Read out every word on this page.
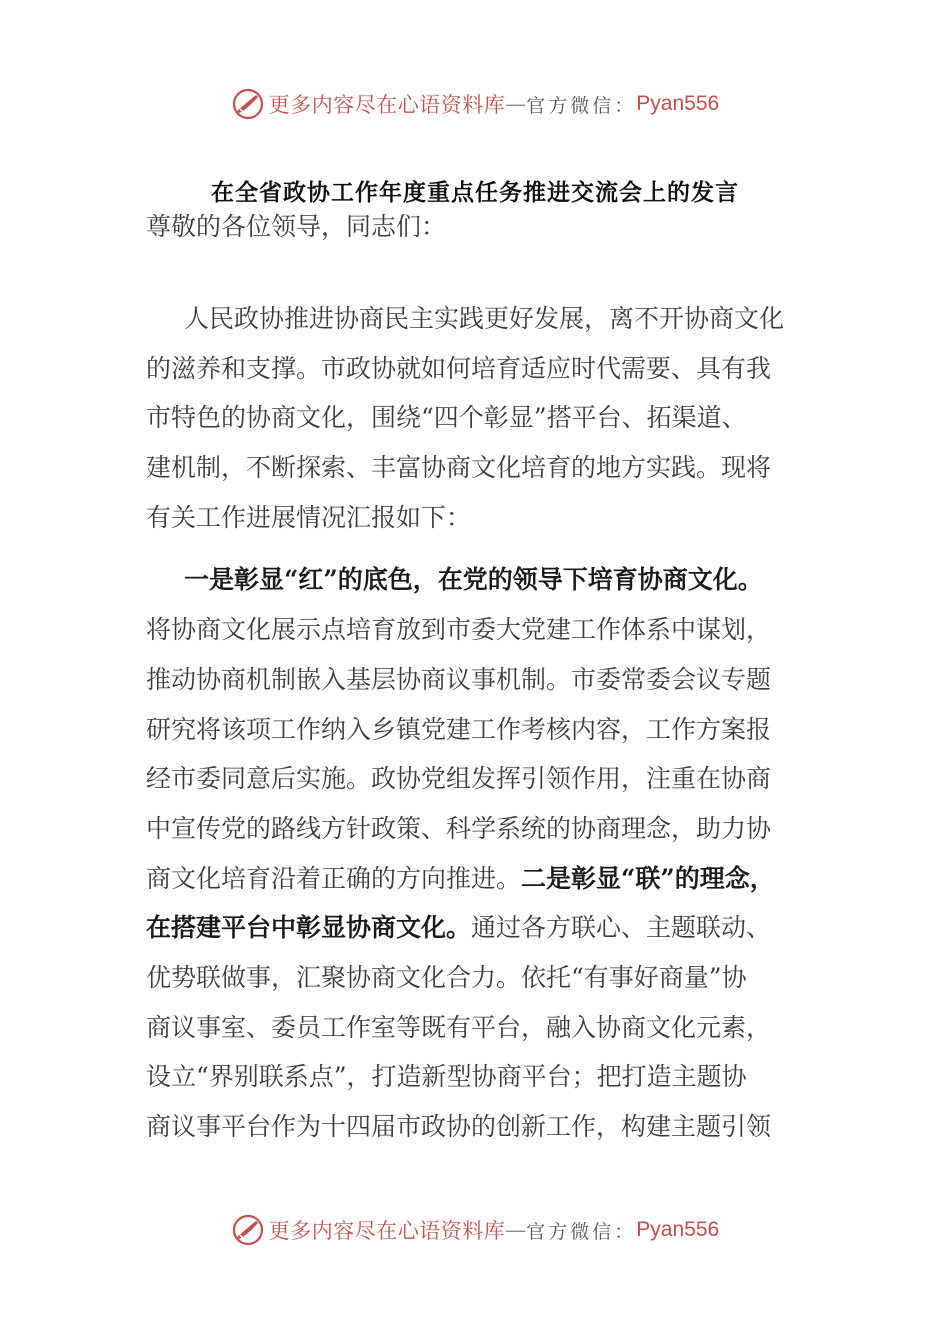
更多内容尽在心语资料库 — 官方微信： Pyan556
在全省政协工作年度重点任务推进交流会上的发言
尊敬的各位领导，同志们：
人民政协推进协商民主实践更好发展，离不开协商文化
的滋养和支撑。市政协就如何培育适应时代需要、具有我
市特色的协商文化，围绕“四个彰显”搭平台、拓渠道、
建机制，不断探索、丰富协商文化培育的地方实践。现将
有关工作进展情况汇报如下：
一是彰显“红”的底色，在党的领导下培育协商文化。
将协商文化展示点培育放到市委大党建工作体系中谋划，
推动协商机制嵌入基层协商议事机制。市委常委会议专题
研究将该项工作纳入乡镇党建工作考核内容，工作方案报
经市委同意后实施。政协党组发挥引领作用，注重在协商
中宣传党的路线方针政策、科学系统的协商理念，助力协
商文化培育沿着正确的方向推进。二是彰显“联”的理念，
在搭建平台中彰显协商文化。通过各方联心、主题联动、
优势联做事，汇聚协商文化合力。依托“有事好商量”协
商议事室、委员工作室等既有平台，融入协商文化元素，
设立“界别联系点”，打造新型协商平台；把打造主题协
商议事平台作为十四届市政协的创新工作，构建主题引领
更多内容尽在心语资料库 — 官方微信： Pyan556
